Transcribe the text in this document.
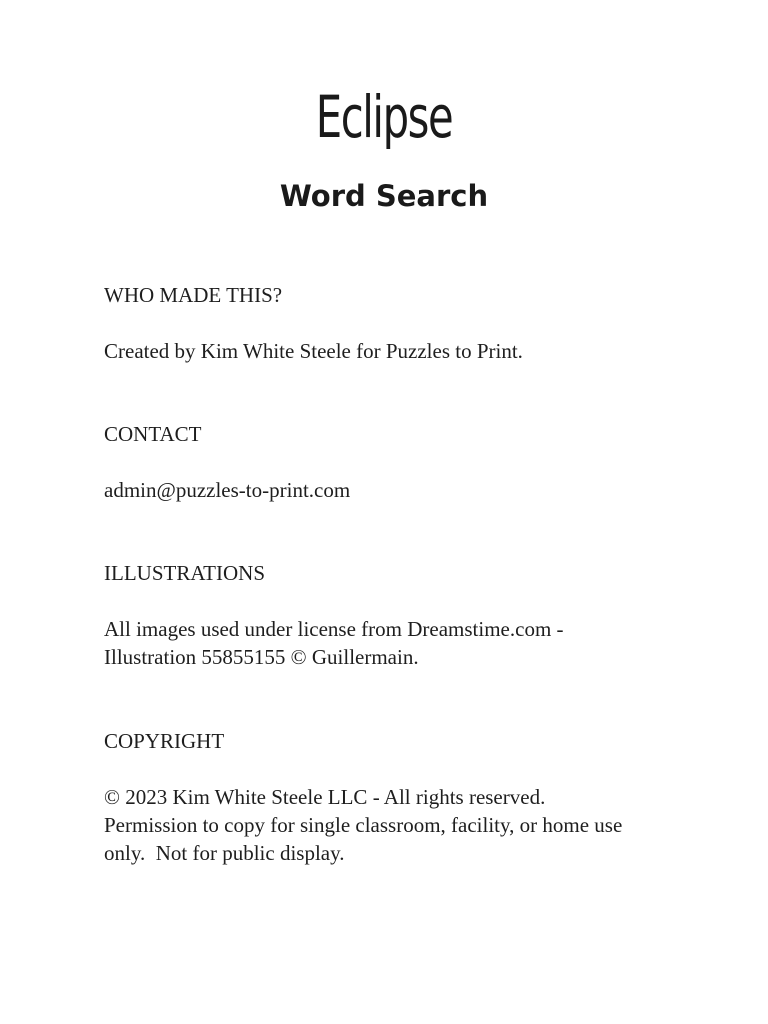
Eclipse
Word Search
WHO MADE THIS?

Created by Kim White Steele for Puzzles to Print.

CONTACT

admin@puzzles-to-print.com

ILLUSTRATIONS

All images used under license from Dreamstime.com -
Illustration 55855155 © Guillermain.

COPYRIGHT

© 2023 Kim White Steele LLC - All rights reserved.
Permission to copy for single classroom, facility, or home use
only.  Not for public display.
